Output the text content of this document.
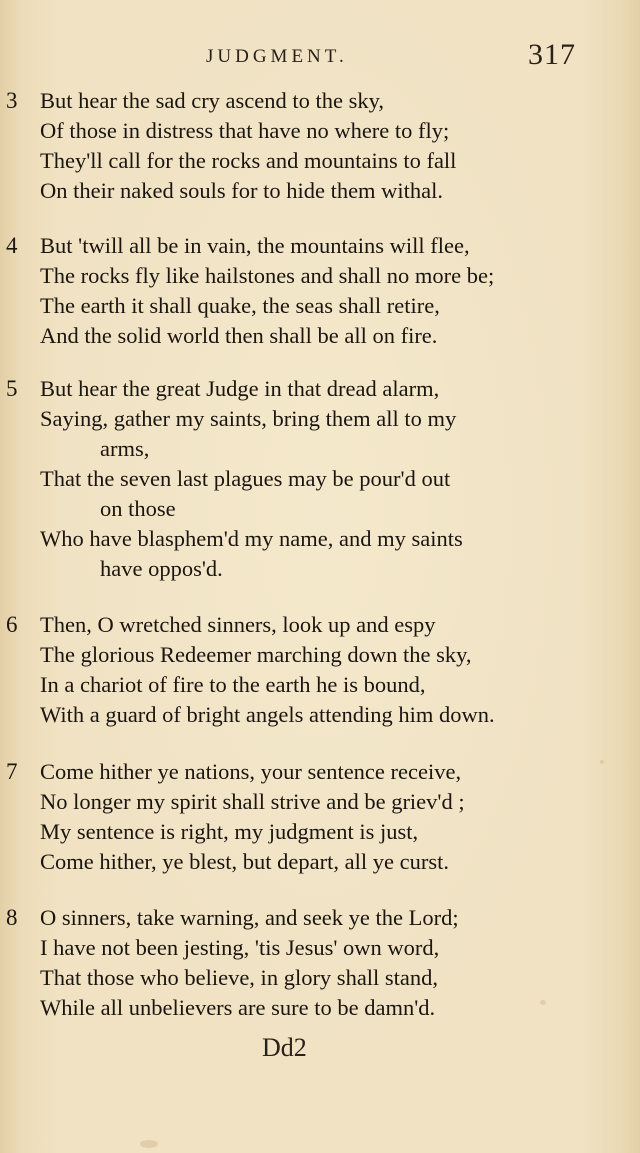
JUDGMENT.	317
3 But hear the sad cry ascend to the sky,
Of those in distress that have no where to fly;
They'll call for the rocks and mountains to fall
On their naked souls for to hide them withal.
4 But 'twill all be in vain, the mountains will flee,
The rocks fly like hailstones and shall no more be;
The earth it shall quake, the seas shall retire,
And the solid world then shall be all on fire.
5 But hear the great Judge in that dread alarm,
Saying, gather my saints, bring them all to my
arms,
That the seven last plagues may be pour'd out
on those
Who have blasphem'd my name, and my saints
have oppos'd.
6 Then, O wretched sinners, look up and espy
The glorious Redeemer marching down the sky,
In a chariot of fire to the earth he is bound,
With a guard of bright angels attending him down.
7 Come hither ye nations, your sentence receive,
No longer my spirit shall strive and be griev'd ;
My sentence is right, my judgment is just,
Come hither, ye blest, but depart, all ye curst.
8 O sinners, take warning, and seek ye the Lord;
I have not been jesting, 'tis Jesus' own word,
That those who believe, in glory shall stand,
While all unbelievers are sure to be damn'd.
Dd2
